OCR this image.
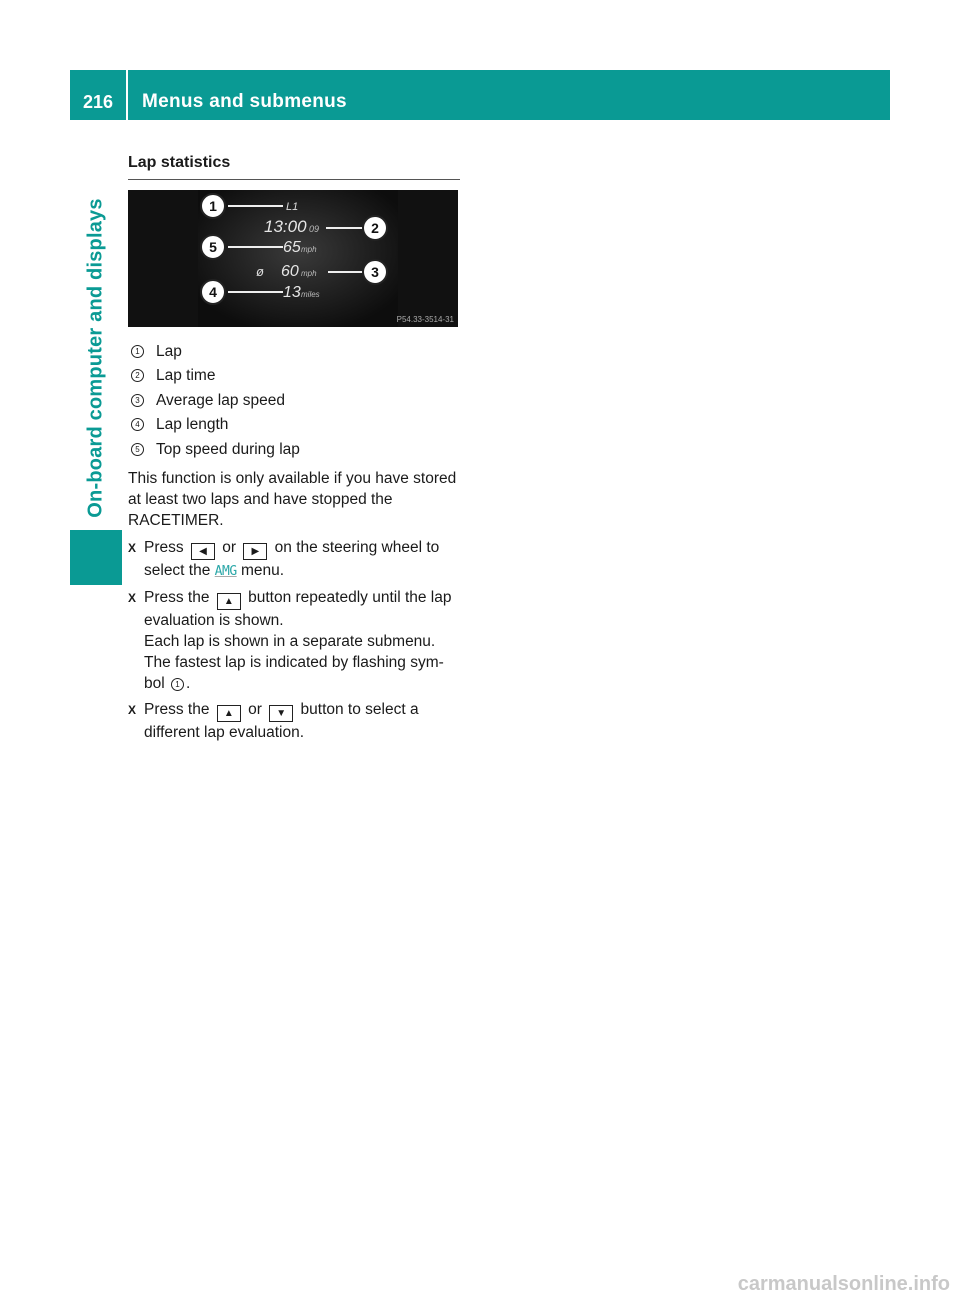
216	Menus and submenus
On-board computer and displays
Lap statistics
1
2
5
3
4
L1
13:00 09
65 mph
ø 60 mph
13 miles
P54.33-3514-31
1 Lap
2 Lap time
3 Average lap speed
4 Lap length
5 Top speed during lap

This function is only available if you have stored at least two laps and have stopped the RACETIMER.

X Press ◀ or ▶ on the steering wheel to select the AMG menu.
X Press the ▲ button repeatedly until the lap evaluation is shown.
Each lap is shown in a separate submenu.
The fastest lap is indicated by flashing sym-bol 1 .
X Press the ▲ or ▼ button to select a different lap evaluation.
carmanualsonline.info
